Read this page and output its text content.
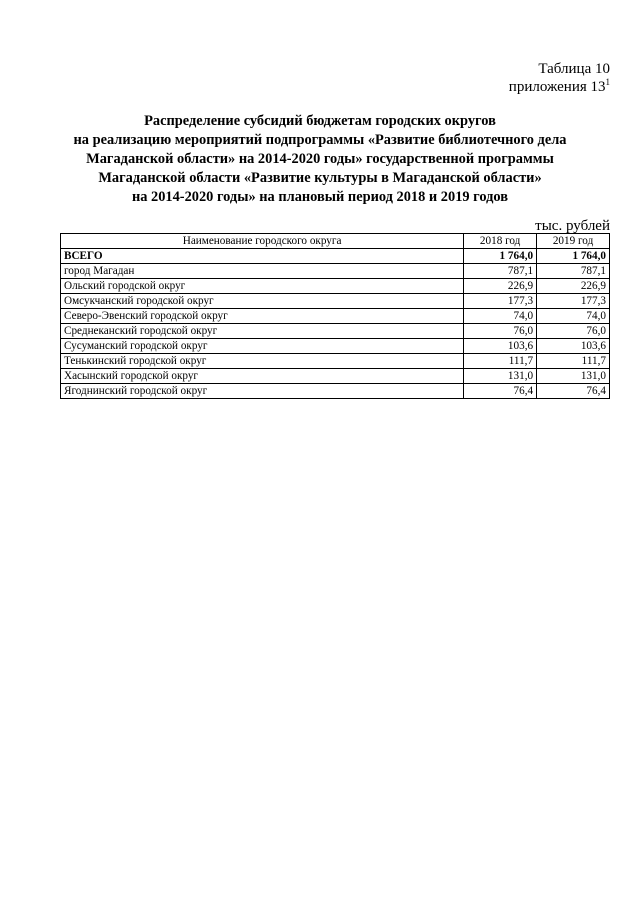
Таблица 10
приложения $13^1$
Распределение субсидий бюджетам городских округов
на реализацию мероприятий подпрограммы «Развитие библиотечного дела
Магаданской области» на 2014-2020 годы» государственной программы
Магаданской области «Развитие культуры в Магаданской области»
на 2014-2020 годы» на плановый период 2018 и 2019 годов
тыс. рублей
Наименование городского округа	2018 год	2019 год
ВСЕГО	1 764,0	1 764,0
город Магадан	787,1	787,1
Ольский городской округ	226,9	226,9
Омсукчанский городской округ	177,3	177,3
Северо-Эвенский городской округ	74,0	74,0
Среднеканский городской округ	76,0	76,0
Сусуманский городской округ	103,6	103,6
Тенькинский городской округ	111,7	111,7
Хасынский городской округ	131,0	131,0
Ягоднинский городской округ	76,4	76,4
